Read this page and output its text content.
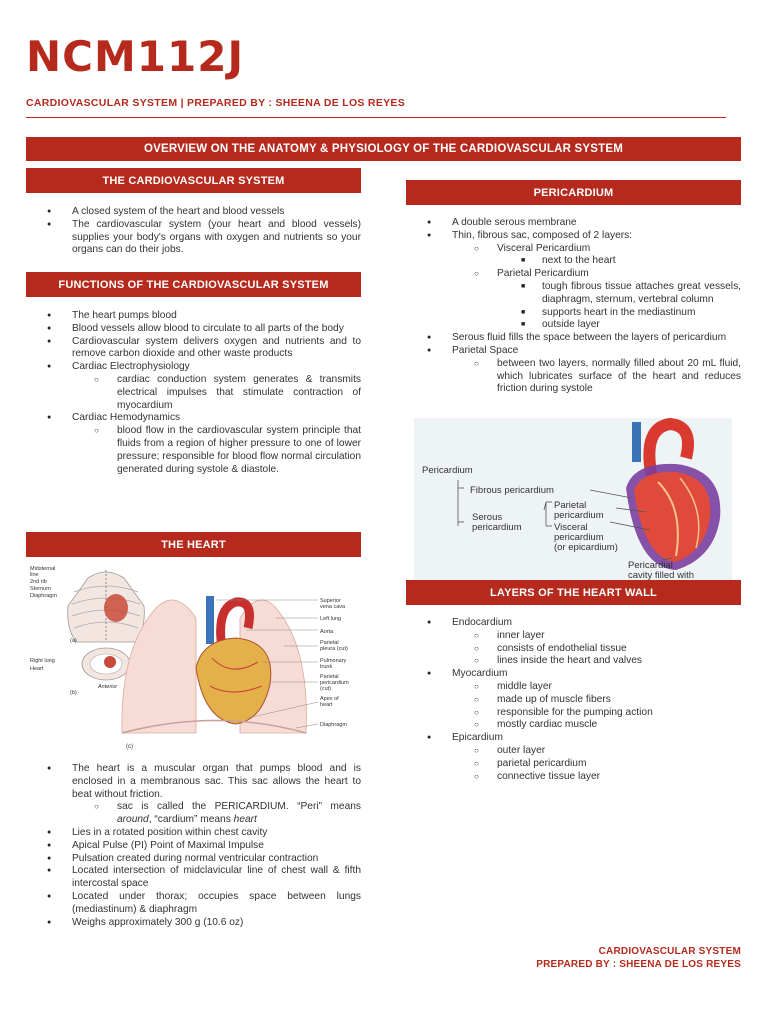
NCM112J
CARDIOVASCULAR SYSTEM | PREPARED BY : SHEENA DE LOS REYES
OVERVIEW ON THE ANATOMY & PHYSIOLOGY OF THE CARDIOVASCULAR SYSTEM
THE CARDIOVASCULAR SYSTEM
● A closed system of the heart and blood vessels
● The cardiovascular system (your heart and blood vessels) supplies your body's organs with oxygen and nutrients so your organs can do their jobs.
FUNCTIONS OF THE CARDIOVASCULAR SYSTEM
● The heart pumps blood
● Blood vessels allow blood to circulate to all parts of the body
● Cardiovascular system delivers oxygen and nutrients and to remove carbon dioxide and other waste products
● Cardiac Electrophysiology
○ cardiac conduction system generates & transmits electrical impulses that stimulate contraction of myocardium
● Cardiac Hemodynamics
○ blood flow in the cardiovascular system principle that fluids from a region of higher pressure to one of lower pressure; responsible for blood flow normal circulation generated during systole & diastole.
THE HEART
Midsternal
line
2nd rib
Sternum
Diaphragm
(a)
Right lung
Heart
(b)
Anterior
(c)
Superior
vena cava
Left lung
Aorta
Parietal
pleura (cut)
Pulmonary
trunk
Parietal
pericardium
(cut)
Apex of
heart
Diaphragm
● The heart is a muscular organ that pumps blood and is enclosed in a membranous sac. This sac allows the heart to beat without friction.
○ sac is called the PERICARDIUM. “Peri” means around, “cardium” means heart
● Lies in a rotated position within chest cavity
● Apical Pulse (PI) Point of Maximal Impulse
● Pulsation created during normal ventricular contraction
● Located intersection of midclavicular line of chest wall & fifth intercostal space
● Located under thorax; occupies space between lungs (mediastinum) & diaphragm
● Weighs approximately 300 g (10.6 oz)
PERICARDIUM
● A double serous membrane
● Thin, fibrous sac, composed of 2 layers:
○ Visceral Pericardium
■ next to the heart
○ Parietal Pericardium
■ tough fibrous tissue attaches great vessels, diaphragm, sternum, vertebral column
■ supports heart in the mediastinum
■ outside layer
● Serous fluid fills the space between the layers of pericardium
● Parietal Space
○ between two layers, normally filled about 20 mL fluid, which lubricates surface of the heart and reduces friction during systole
Pericardium
Fibrous pericardium
Serous
pericardium
Parietal
pericardium
Visceral
pericardium
(or epicardium)
Pericardial
cavity filled with
LAYERS OF THE HEART WALL
● Endocardium
○ inner layer
○ consists of endothelial tissue
○ lines inside the heart and valves
● Myocardium
○ middle layer
○ made up of muscle fibers
○ responsible for the pumping action
○ mostly cardiac muscle
● Epicardium
○ outer layer
○ parietal pericardium
○ connective tissue layer
CARDIOVASCULAR SYSTEM
PREPARED BY : SHEENA DE LOS REYES
